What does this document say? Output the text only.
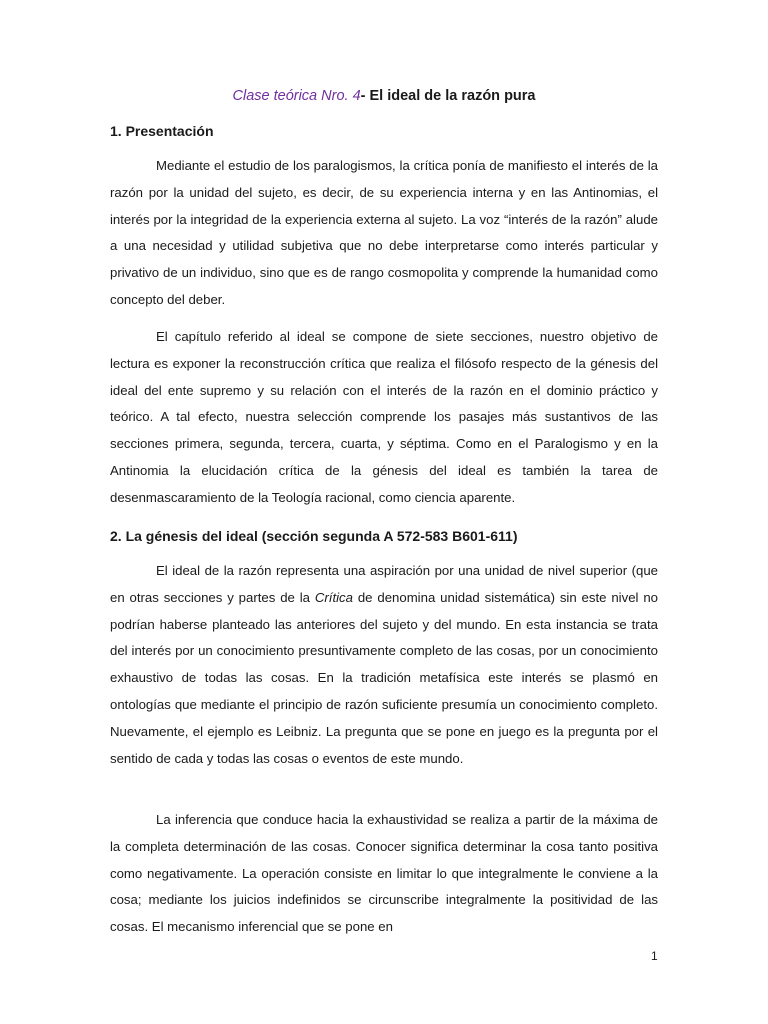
Clase teórica Nro. 4- El ideal de la razón pura
1. Presentación

Mediante el estudio de los paralogismos, la crítica ponía de manifiesto el interés de la razón por la unidad del sujeto, es decir, de su experiencia interna y en las Antinomias, el interés por la integridad de la experiencia externa al sujeto. La voz “interés de la razón” alude a una necesidad y utilidad subjetiva que no debe interpretarse como interés particular y privativo de un individuo, sino que es de rango cosmopolita y comprende la humanidad como concepto del deber.

El capítulo referido al ideal se compone de siete secciones, nuestro objetivo de lectura es exponer la reconstrucción crítica que realiza el filósofo respecto de la génesis del ideal del ente supremo y su relación con el interés de la razón en el dominio práctico y teórico. A tal efecto, nuestra selección comprende los pasajes más sustantivos de las secciones primera, segunda, tercera, cuarta, y séptima. Como en el Paralogismo y en la Antinomia la elucidación crítica de la génesis del ideal es también la tarea de desenmascaramiento de la Teología racional, como ciencia aparente.

2. La génesis del ideal (sección segunda A 572-583 B601-611)

El ideal de la razón representa una aspiración por una unidad de nivel superior (que en otras secciones y partes de la Crítica de denomina unidad sistemática) sin este nivel no podrían haberse planteado las anteriores del sujeto y del mundo. En esta instancia se trata del interés por un conocimiento presuntivamente completo de las cosas, por un conocimiento exhaustivo de todas las cosas. En la tradición metafísica este interés se plasmó en ontologías que mediante el principio de razón suficiente presumía un conocimiento completo. Nuevamente, el ejemplo es Leibniz. La pregunta que se pone en juego es la pregunta por el sentido de cada y todas las cosas o eventos de este mundo.

La inferencia que conduce hacia la exhaustividad se realiza a partir de la máxima de la completa determinación de las cosas. Conocer significa determinar la cosa tanto positiva como negativamente. La operación consiste en limitar lo que integralmente le conviene a la cosa; mediante los juicios indefinidos se circunscribe integralmente la positividad de las cosas. El mecanismo inferencial que se pone en

1
